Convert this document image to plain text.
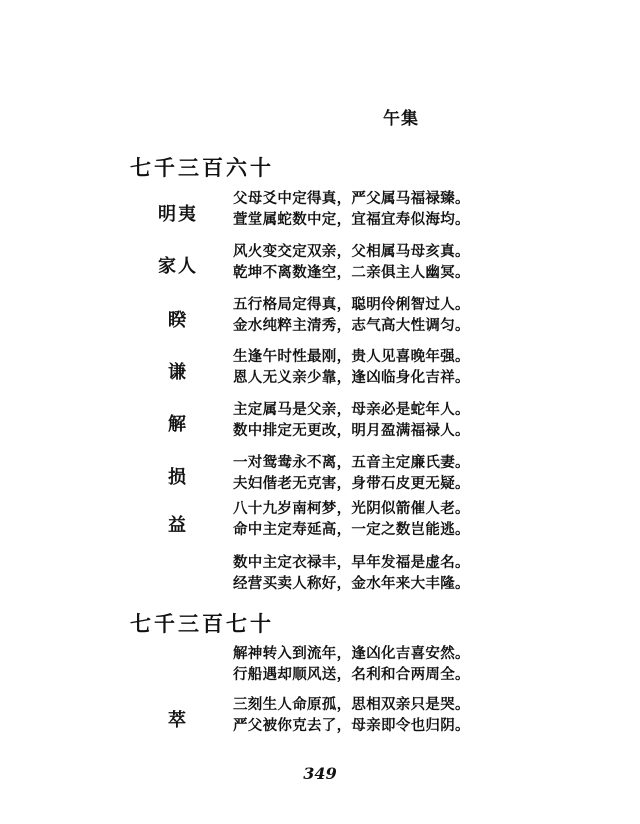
午集
七千三百六十
明夷
父母爻中定得真，严父属马福禄臻。
萱堂属蛇数中定，宜福宜寿似海均。
家人
风火变交定双亲，父相属马母亥真。
乾坤不离数逢空，二亲俱主人幽冥。
睽
五行格局定得真，聪明伶俐智过人。
金水纯粹主清秀，志气高大性调匀。
谦
生逢午时性最刚，贵人见喜晚年强。
恩人无义亲少靠，逢凶临身化吉祥。
解
主定属马是父亲，母亲必是蛇年人。
数中排定无更改，明月盈满福禄人。
损
一对鸳鸯永不离，五音主定廉氏妻。
夫妇偕老无克害，身带石皮更无疑。
益
八十九岁南柯梦，光阴似箭催人老。
命中主定寿延高，一定之数岂能逃。
数中主定衣禄丰，早年发福是虚名。
经营买卖人称好，金水年来大丰隆。
七千三百七十
解神转入到流年，逢凶化吉喜安然。
行船遇却顺风送，名利和合两周全。
萃
三刻生人命原孤，思相双亲只是哭。
严父被你克去了，母亲即令也归阴。
349
